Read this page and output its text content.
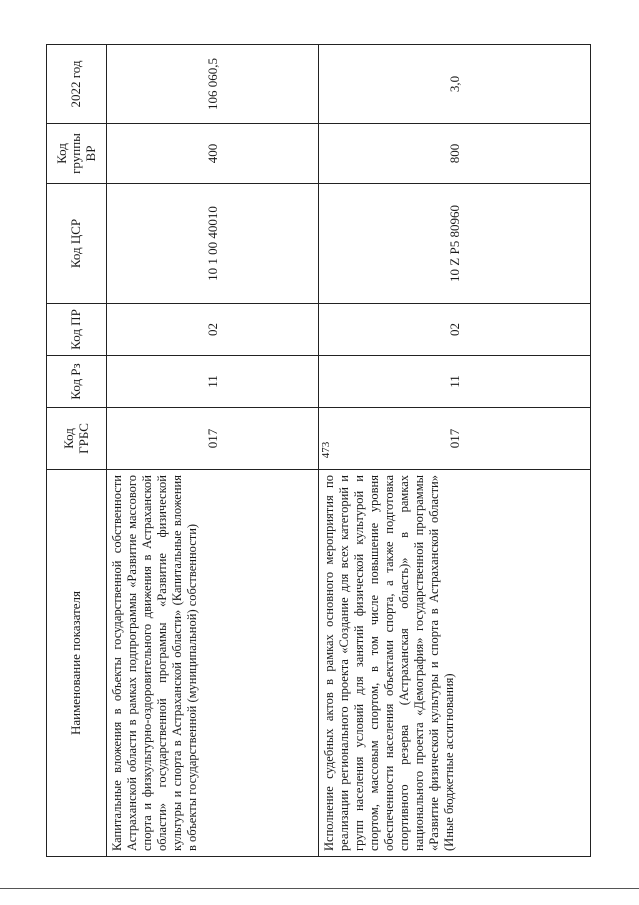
473
Наименование показателя	Код ГРБС	Код Рз	Код ПР	Код ЦСР	Код группы ВР	2022 год
Капитальные вложения в объекты государственной собственности Астраханской области в рамках подпрограммы «Развитие массового спорта и физкультурно-оздоровительного движения в Астраханской области» государственной программы «Развитие физической культуры и спорта в Астраханской области» (Капитальные вложения в объекты государственной (муниципальной) собственности)	017	11	02	10 1 00 40010	400	106 060,5
Исполнение судебных актов в рамках основного мероприятия по реализации регионального проекта «Создание для всех категорий и групп населения условий для занятий физической культурой и спортом, массовым спортом, в том числе повышение уровня обеспеченности населения объектами спорта, а также подготовка спортивного резерва (Астраханская область)» в рамках национального проекта «Демография» государственной программы «Развитие физической культуры и спорта в Астраханской области» (Иные бюджетные ассигнования)	017	11	02	10 Z P5 80960	800	3,0
